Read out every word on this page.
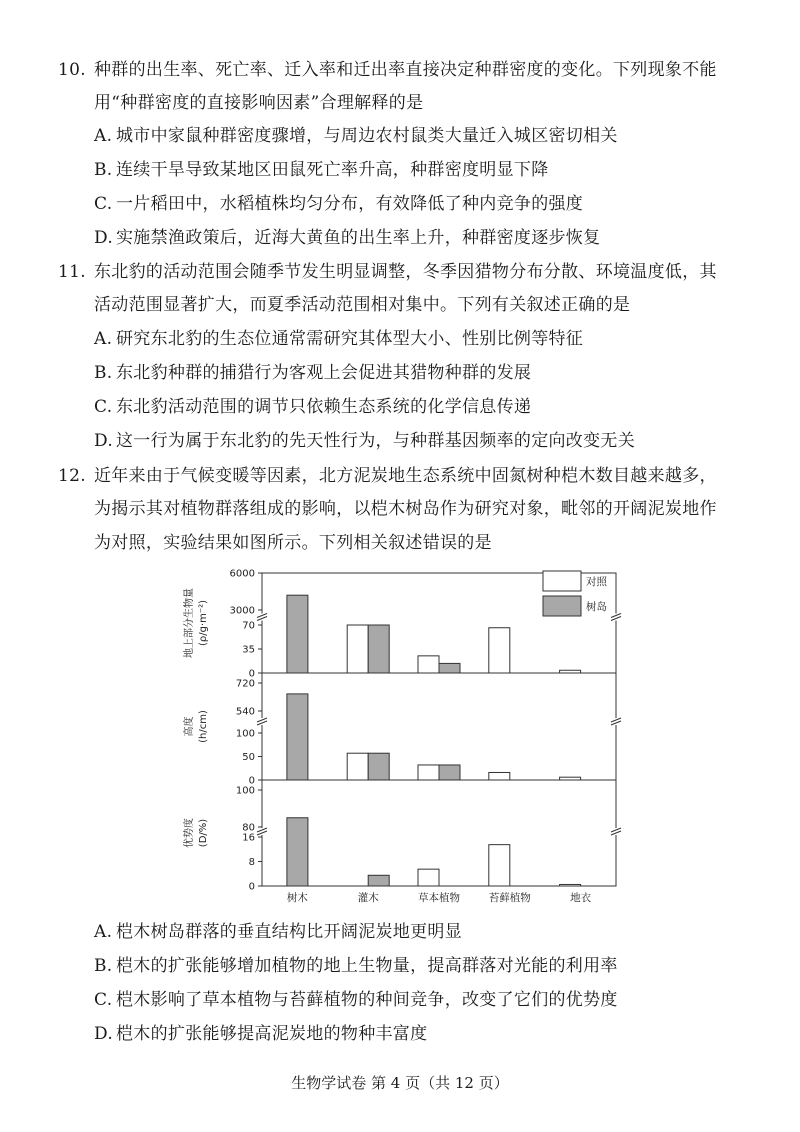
10. 种群的出生率、死亡率、迁入率和迁出率直接决定种群密度的变化。下列现象不能
用“种群密度的直接影响因素”合理解释的是
A. 城市中家鼠种群密度骤增，与周边农村鼠类大量迁入城区密切相关
B. 连续干旱导致某地区田鼠死亡率升高，种群密度明显下降
C. 一片稻田中，水稻植株均匀分布，有效降低了种内竞争的强度
D. 实施禁渔政策后，近海大黄鱼的出生率上升，种群密度逐步恢复
11. 东北豹的活动范围会随季节发生明显调整，冬季因猎物分布分散、环境温度低，其
活动范围显著扩大，而夏季活动范围相对集中。下列有关叙述正确的是
A. 研究东北豹的生态位通常需研究其体型大小、性别比例等特征
B. 东北豹种群的捕猎行为客观上会促进其猎物种群的发展
C. 东北豹活动范围的调节只依赖生态系统的化学信息传递
D. 这一行为属于东北豹的先天性行为，与种群基因频率的定向改变无关
12. 近年来由于气候变暖等因素，北方泥炭地生态系统中固氮树种桤木数目越来越多，
为揭示其对植物群落组成的影响，以桤木树岛作为研究对象，毗邻的开阔泥炭地作
为对照，实验结果如图所示。下列相关叙述错误的是
A. 桤木树岛群落的垂直结构比开阔泥炭地更明显
B. 桤木的扩张能够增加植物的地上生物量，提高群落对光能的利用率
C. 桤木影响了草本植物与苔藓植物的种间竞争，改变了它们的优势度
D. 桤木的扩张能够提高泥炭地的物种丰富度
0
35
70
3000
6000
地上部分生物量 (ρ/g·m⁻²)
0
50
100
540
720
高度 (h/cm)
0
8
16
80
100
优势度 (D/%)
树木	灌木	草本植物	苔藓植物	地衣
对照
树岛
生物学试卷 第 4 页（共 12 页）
